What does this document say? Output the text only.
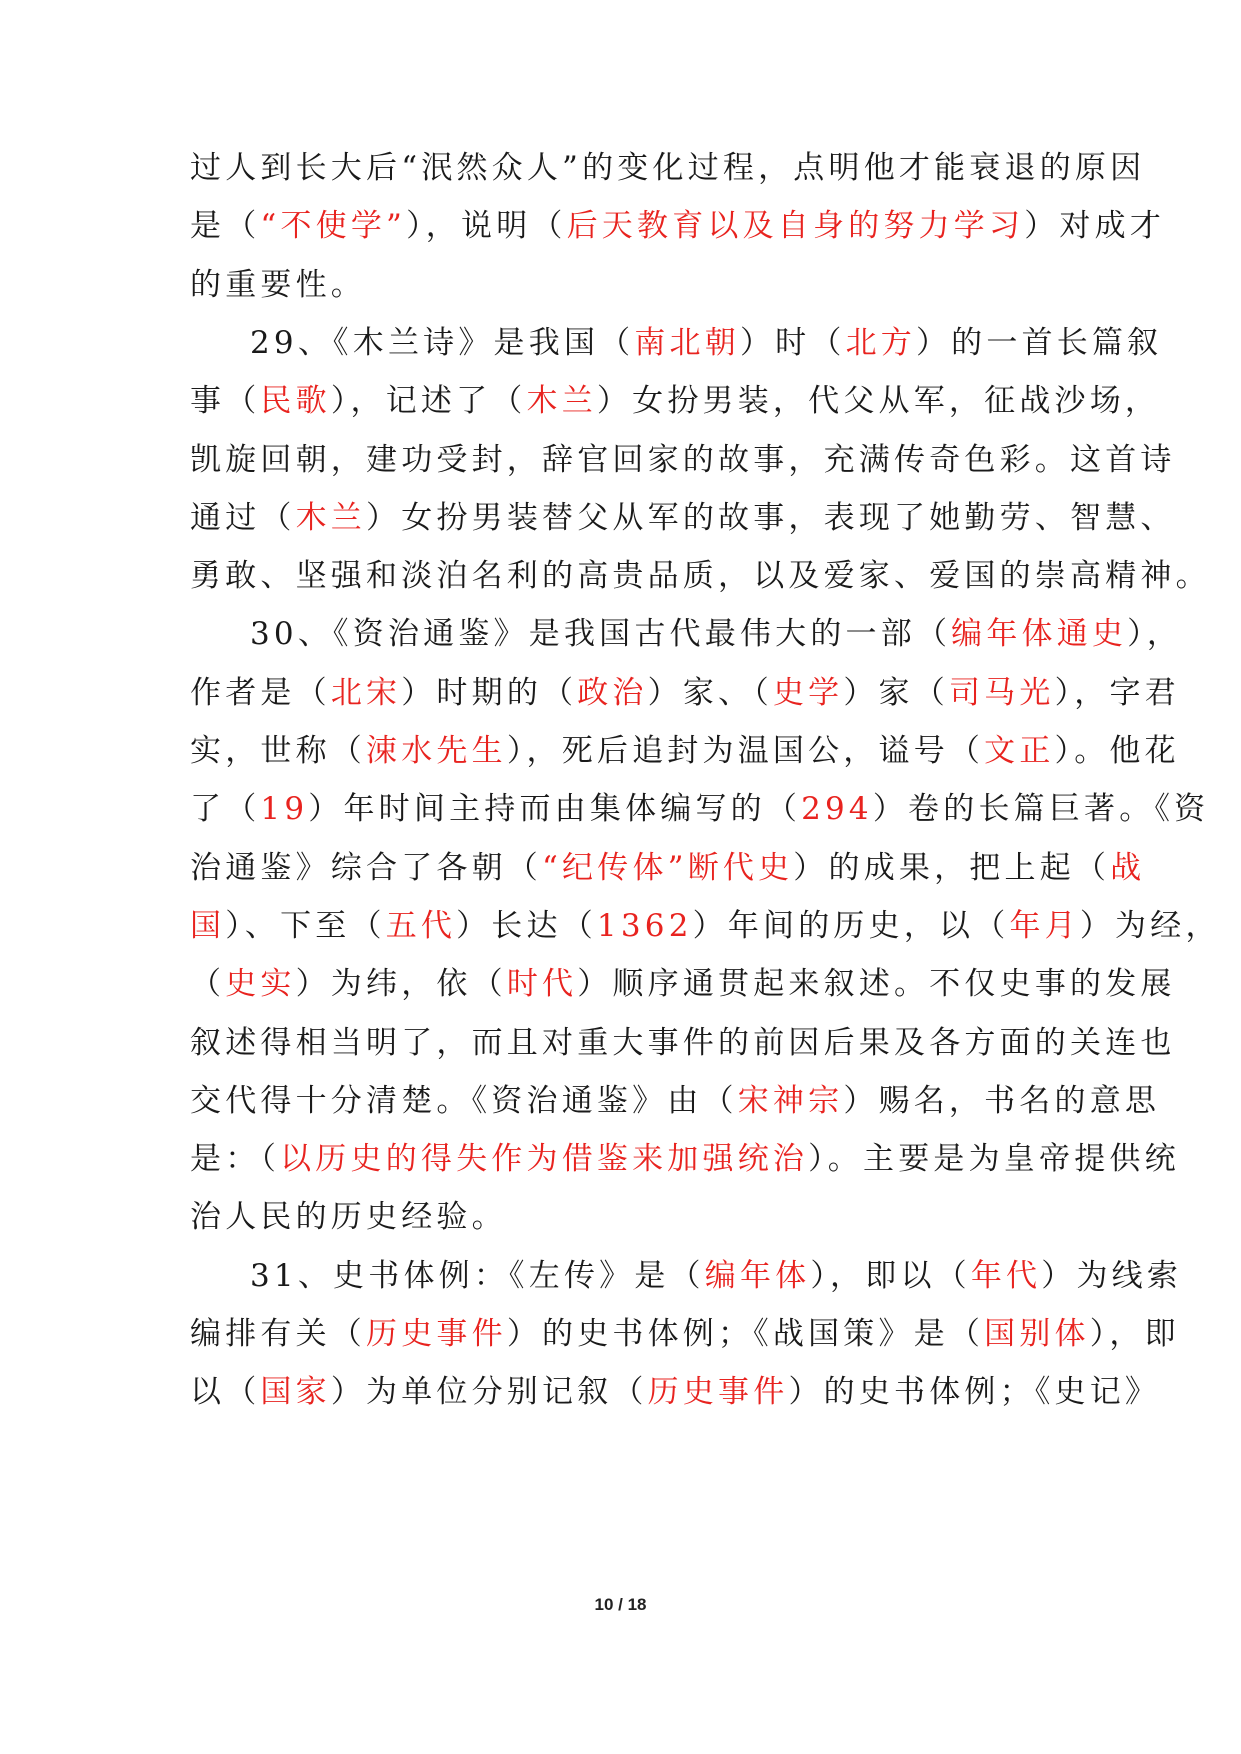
过人到长大后“泯然众人”的变化过程，点明他才能衰退的原因
是（“不使学”），说明（后天教育以及自身的努力学习）对成才
的重要性。
29、《木兰诗》是我国（南北朝）时（北方）的一首长篇叙
事（民歌），记述了（木兰）女扮男装，代父从军，征战沙场，
凯旋回朝，建功受封，辞官回家的故事，充满传奇色彩。这首诗
通过（木兰）女扮男装替父从军的故事，表现了她勤劳、智慧、
勇敢、坚强和淡泊名利的高贵品质，以及爱家、爱国的崇高精神。
30、《资治通鉴》是我国古代最伟大的一部（编年体通史），
作者是（北宋）时期的（政治）家、（史学）家（司马光），字君
实，世称（涑水先生），死后追封为温国公，谥号（文正）。他花
了（19）年时间主持而由集体编写的（294）卷的长篇巨著。《资
治通鉴》综合了各朝（“纪传体”断代史）的成果，把上起（战
国）、下至（五代）长达（1362）年间的历史，以（年月）为经，
（史实）为纬，依（时代）顺序通贯起来叙述。不仅史事的发展
叙述得相当明了，而且对重大事件的前因后果及各方面的关连也
交代得十分清楚。《资治通鉴》由（宋神宗）赐名，书名的意思
是：（以历史的得失作为借鉴来加强统治）。主要是为皇帝提供统
治人民的历史经验。
31、史书体例：《左传》是（编年体），即以（年代）为线索
编排有关（历史事件）的史书体例；《战国策》是（国别体），即
以（国家）为单位分别记叙（历史事件）的史书体例；《史记》
10 / 18
